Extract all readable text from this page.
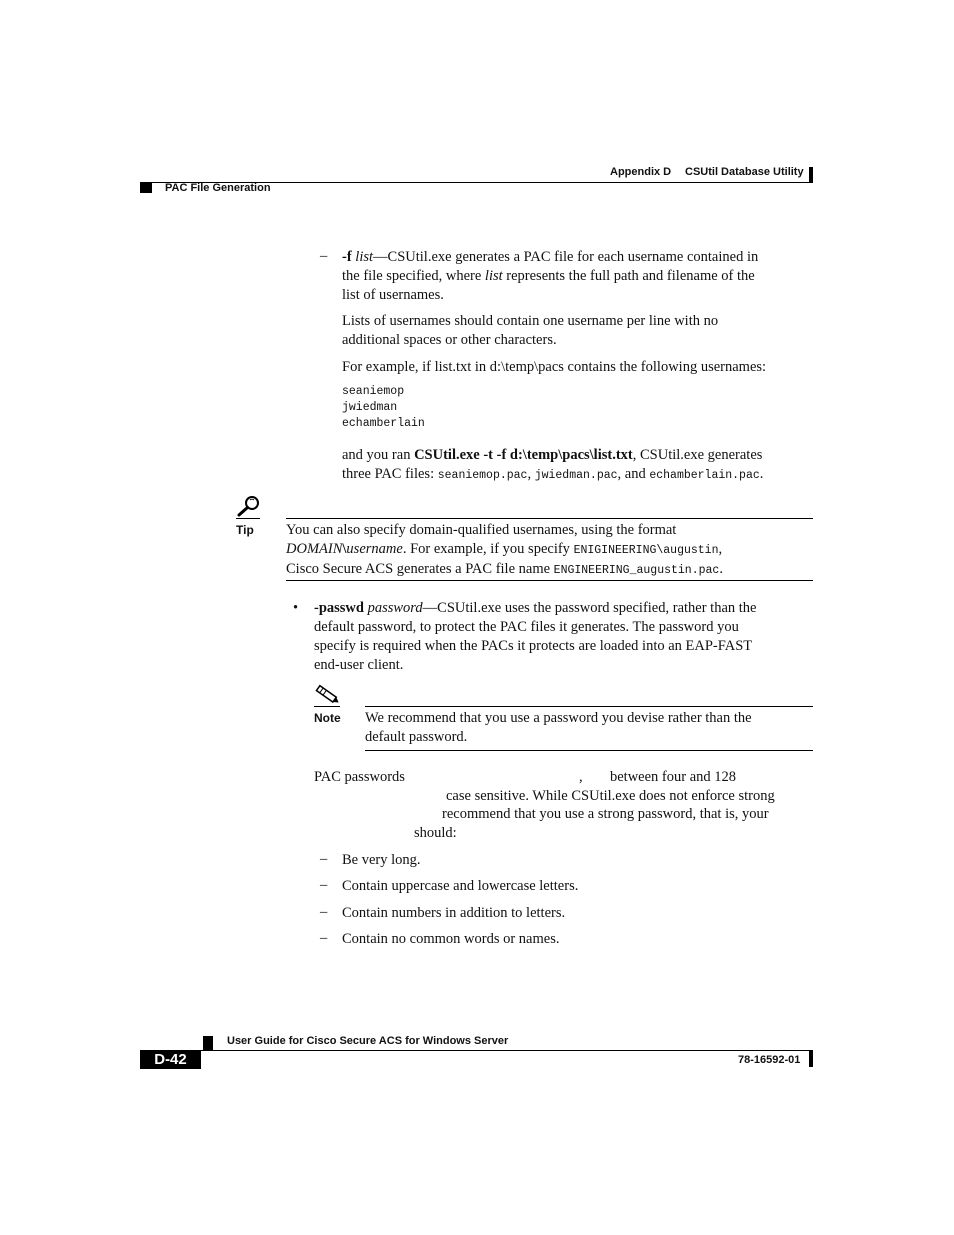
Appendix D CSUtil Database Utility
PAC File Generation
– -f list—CSUtil.exe generates a PAC file for each username contained in

the file specified, where list represents the full path and filename of the

list of usernames.

Lists of usernames should contain one username per line with no

additional spaces or other characters.

For example, if list.txt in d:\temp\pacs contains the following usernames:

seaniemop
jwiedman
echamberlain

and you ran CSUtil.exe -t -f d:\temp\pacs\list.txt, CSUtil.exe generates

three PAC files: seaniemop.pac, jwiedman.pac, and echamberlain.pac.

Tip You can also specify domain-qualified usernames, using the format

DOMAIN\username. For example, if you specify ENIGINEERING\augustin,

Cisco Secure ACS generates a PAC file name ENGINEERING_augustin.pac.

• -passwd password—CSUtil.exe uses the password specified, rather than the

default password, to protect the PAC files it generates. The password you

specify is required when the PACs it protects are loaded into an EAP-FAST

end-user client.

Note We recommend that you use a password you devise rather than the

default password.

PAC passwords	, between four and 128
case sensitive. While CSUtil.exe does not enforce strong
recommend that you use a strong password, that is, your
should:
– Be very long.
– Contain uppercase and lowercase letters.
– Contain numbers in addition to letters.
– Contain no common words or names.
User Guide for Cisco Secure ACS for Windows Server
D-42	78-16592-01
